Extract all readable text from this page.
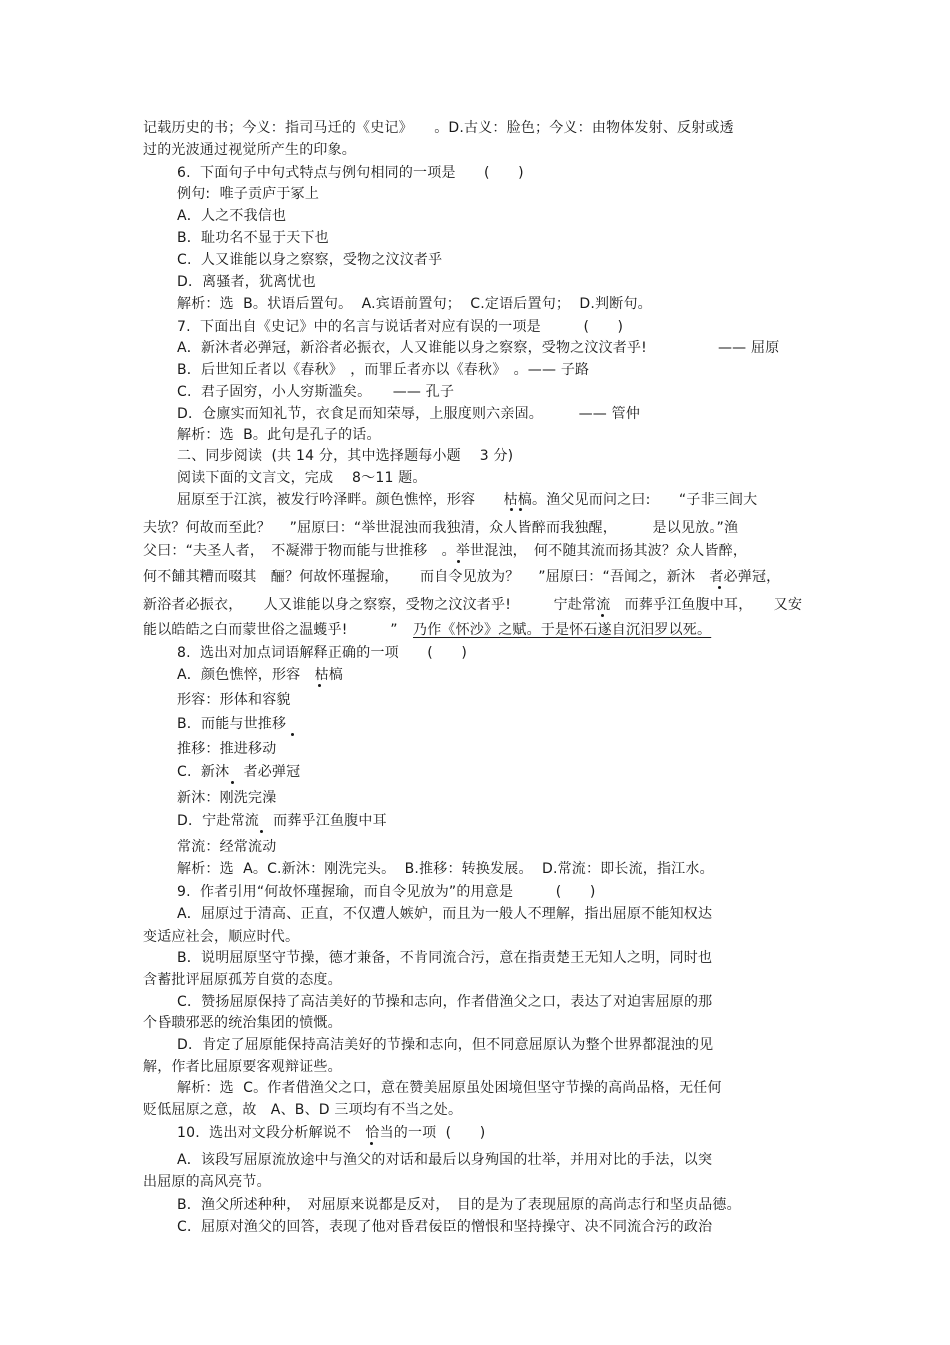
记载历史的书；今义：指司马迁的《史记》　　。D.古义：脸色；今义：由物体发射、反射或透
过的光波通过视觉所产生的印象。
6.  下面句子中句式特点与例句相同的一项是　　(　　)
例句:  唯子贡庐于冢上
A．人之不我信也
B．耻功名不显于天下也
C.  人又谁能以身之察察，受物之汶汶者乎
D．离骚者，犹离忧也
解析：选  B。状语后置句。  A.宾语前置句；  C.定语后置句；  D.判断句。
7.  下面出自《史记》中的名言与说话者对应有误的一项是　　　(　　)
A．新沐者必弹冠，新浴者必振衣，人又谁能以身之察察，受物之汶汶者乎!　　　　　—— 屈原
B．后世知丘者以《春秋》　，而罪丘者亦以《春秋》　。—— 子路
C.  君子固穷，小人穷斯滥矣。　　—— 孔子
D．仓廪实而知礼节，衣食足而知荣辱，上服度则六亲固。　　　—— 管仲
解析：选  B。此句是孔子的话。
二、同步阅读  (共 14 分，其中选择题每小题　 3 分)
阅读下面的文言文，完成　 8～11 题。
屈原至于江滨，被发行吟泽畔。颜色憔悴，形容　　枯槁。渔父见而问之曰:　　“子非三闾大
夫欤？何故而至此？　 ”屈原曰：“举世混浊而我独清，众人皆醉而我独醒，　　　是以见放。”渔
父曰：“夫圣人者，　不凝滞于物而能与世推移　。举世混浊，　何不随其流而扬其波？众人皆醉，
何不餔其糟而啜其　酾？何故怀瑾握瑜，　　而自令见放为？　 ”屈原曰：“吾闻之，新沐　者必弹冠，
新浴者必振衣，　　人又谁能以身之察察，受物之汶汶者乎!　　　宁赴常流　而葬乎江鱼腹中耳，　　又安
能以皓皓之白而蒙世俗之温蠖乎!　　　” 乃作《怀沙》之赋。于是怀石遂自沉汨罗以死。
8.  选出对加点词语解释正确的一项　　(　　)
A．颜色憔悴，形容　枯槁
形容：形体和容貌
B．而能与世推移
推移：推进移动
C.  新沐　者必弹冠
新沐：刚洗完澡
D．宁赴常流　而葬乎江鱼腹中耳
常流：经常流动
解析：选  A。C.新沐：刚洗完头。  B.推移：转换发展。  D.常流：即长流，指江水。
9.  作者引用“何故怀瑾握瑜，而自令见放为”的用意是　　　(　　)
A．屈原过于清高、正直，不仅遭人嫉妒，而且为一般人不理解，指出屈原不能知权达
变适应社会，顺应时代。
B．说明屈原坚守节操，德才兼备，不肯同流合污，意在指责楚王无知人之明，同时也
含蓄批评屈原孤芳自赏的态度。
C．赞扬屈原保持了高洁美好的节操和志向，作者借渔父之口，表达了对迫害屈原的那
个昏聩邪恶的统治集团的愤慨。
D．肯定了屈原能保持高洁美好的节操和志向，但不同意屈原认为整个世界都混浊的见
解，作者比屈原要客观辩证些。
解析：选  C。作者借渔父之口，意在赞美屈原虽处困境但坚守节操的高尚品格，无任何
贬低屈原之意，故　A、B、D 三项均有不当之处。
10.  选出对文段分析解说不　恰当的一项  (　　)
A．该段写屈原流放途中与渔父的对话和最后以身殉国的壮举，并用对比的手法，以突
出屈原的高风亮节。
B．渔父所述种种，　对屈原来说都是反对，　目的是为了表现屈原的高尚志行和坚贞品德。
C．屈原对渔父的回答，表现了他对昏君佞臣的憎恨和坚持操守、决不同流合污的政治
